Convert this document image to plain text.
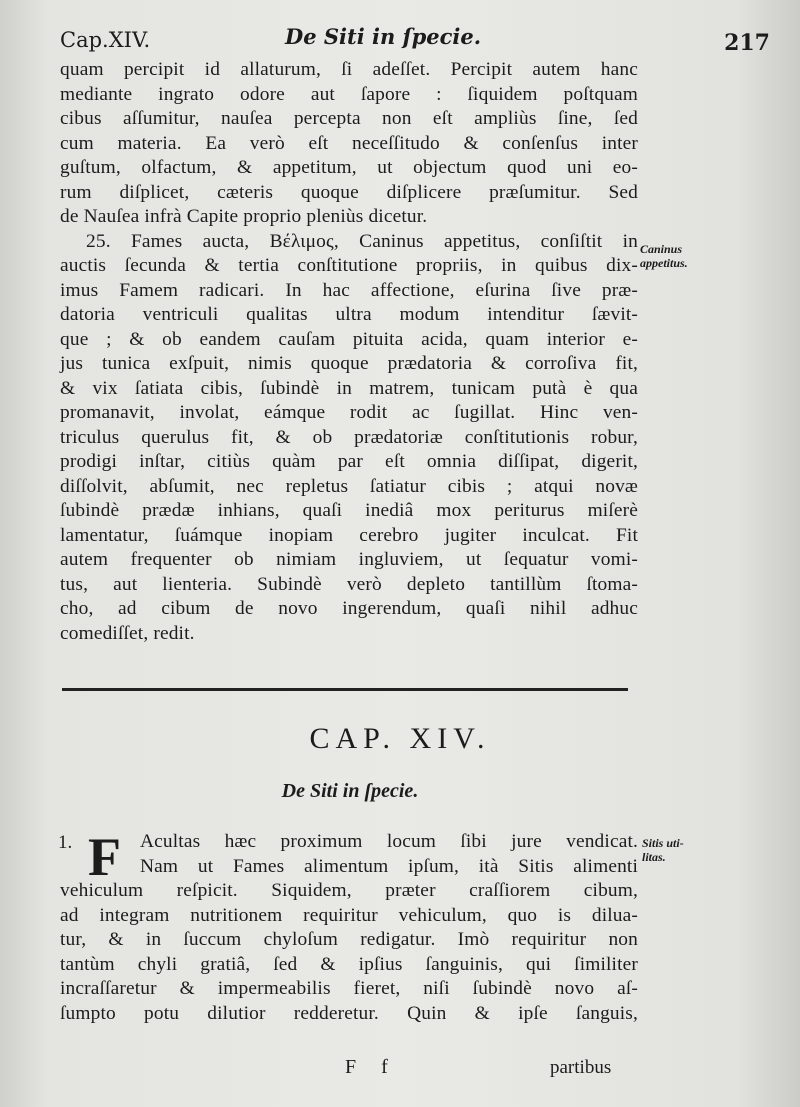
Cap.XIV.	De Siti in ſpecie.	217
quam percipit id allaturum, ſi adeſſet. Percipit autem hanc
mediante ingrato odore aut ſapore : ſiquidem poſtquam
cibus aſſumitur, nauſea percepta non eſt ampliùs ſine, ſed
cum materia. Ea verò eſt neceſſitudo & conſenſus inter
guſtum, olfactum, & appetitum, ut objectum quod uni eo-
rum diſplicet, cæteris quoque diſplicere præſumitur. Sed
de Nauſea infrà Capite proprio pleniùs dicetur.
25. Fames aucta, Βέλιμος, Caninus appetitus, conſiſtit in
auctis ſecunda & tertia conſtitutione propriis, in quibus dix-
imus Famem radicari. In hac affectione, eſurina ſive præ-
datoria ventriculi qualitas ultra modum intenditur ſævit-
que ; & ob eandem cauſam pituita acida, quam interior e-
jus tunica exſpuit, nimis quoque prædatoria & corroſiva fit,
& vix ſatiata cibis, ſubindè in matrem, tunicam putà è qua
promanavit, involat, eámque rodit ac ſugillat. Hinc ven-
triculus querulus fit, & ob prædatoriæ conſtitutionis robur,
prodigi inſtar, citiùs quàm par eſt omnia diſſipat, digerit,
diſſolvit, abſumit, nec repletus ſatiatur cibis ; atqui novæ
ſubindè prædæ inhians, quaſi inediâ mox periturus miſerè
lamentatur, ſuámque inopiam cerebro jugiter inculcat. Fit
autem frequenter ob nimiam ingluviem, ut ſequatur vomi-
tus, aut lienteria. Subindè verò depleto tantillùm ſtoma-
cho, ad cibum de novo ingerendum, quaſi nihil adhuc
comediſſet, redit.
Caninus
appetitus.
CAP. XIV.
De Siti in ſpecie.
1. F Acultas hæc proximum locum ſibi jure vendicat.
Nam ut Fames alimentum ipſum, ità Sitis alimenti
vehiculum reſpicit. Siquidem, præter craſſiorem cibum,
ad integram nutritionem requiritur vehiculum, quo is dilua-
tur, & in ſuccum chyloſum redigatur. Imò requiritur non
tantùm chyli gratiâ, ſed & ipſius ſanguinis, qui ſimiliter
incraſſaretur & impermeabilis fieret, niſi ſubindè novo aſ-
ſumpto potu dilutior redderetur. Quin & ipſe ſanguis,
Sitis uti-
litas.
F f	partibus
